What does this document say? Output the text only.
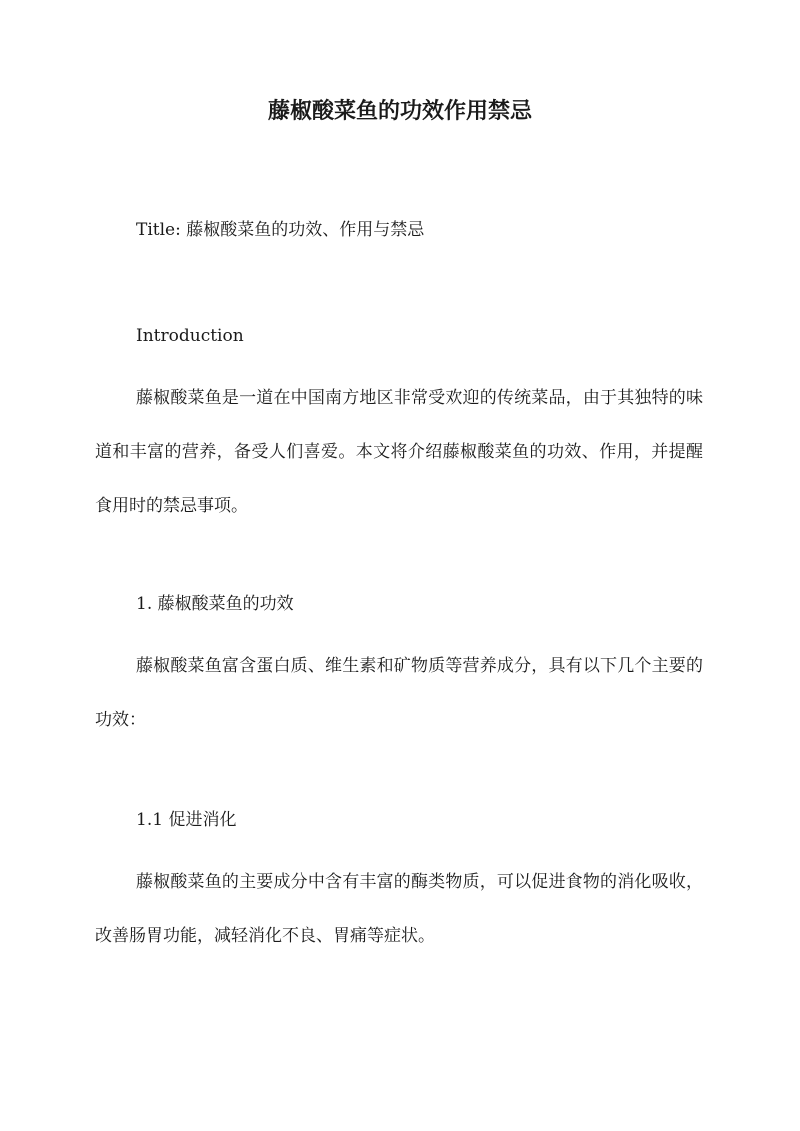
藤椒酸菜鱼的功效作用禁忌
Title: 藤椒酸菜鱼的功效、作用与禁忌
Introduction
藤椒酸菜鱼是一道在中国南方地区非常受欢迎的传统菜品，由于其独特的味道和丰富的营养，备受人们喜爱。本文将介绍藤椒酸菜鱼的功效、作用，并提醒食用时的禁忌事项。
1. 藤椒酸菜鱼的功效
藤椒酸菜鱼富含蛋白质、维生素和矿物质等营养成分，具有以下几个主要的功效：
1.1 促进消化
藤椒酸菜鱼的主要成分中含有丰富的酶类物质，可以促进食物的消化吸收，改善肠胃功能，减轻消化不良、胃痛等症状。
